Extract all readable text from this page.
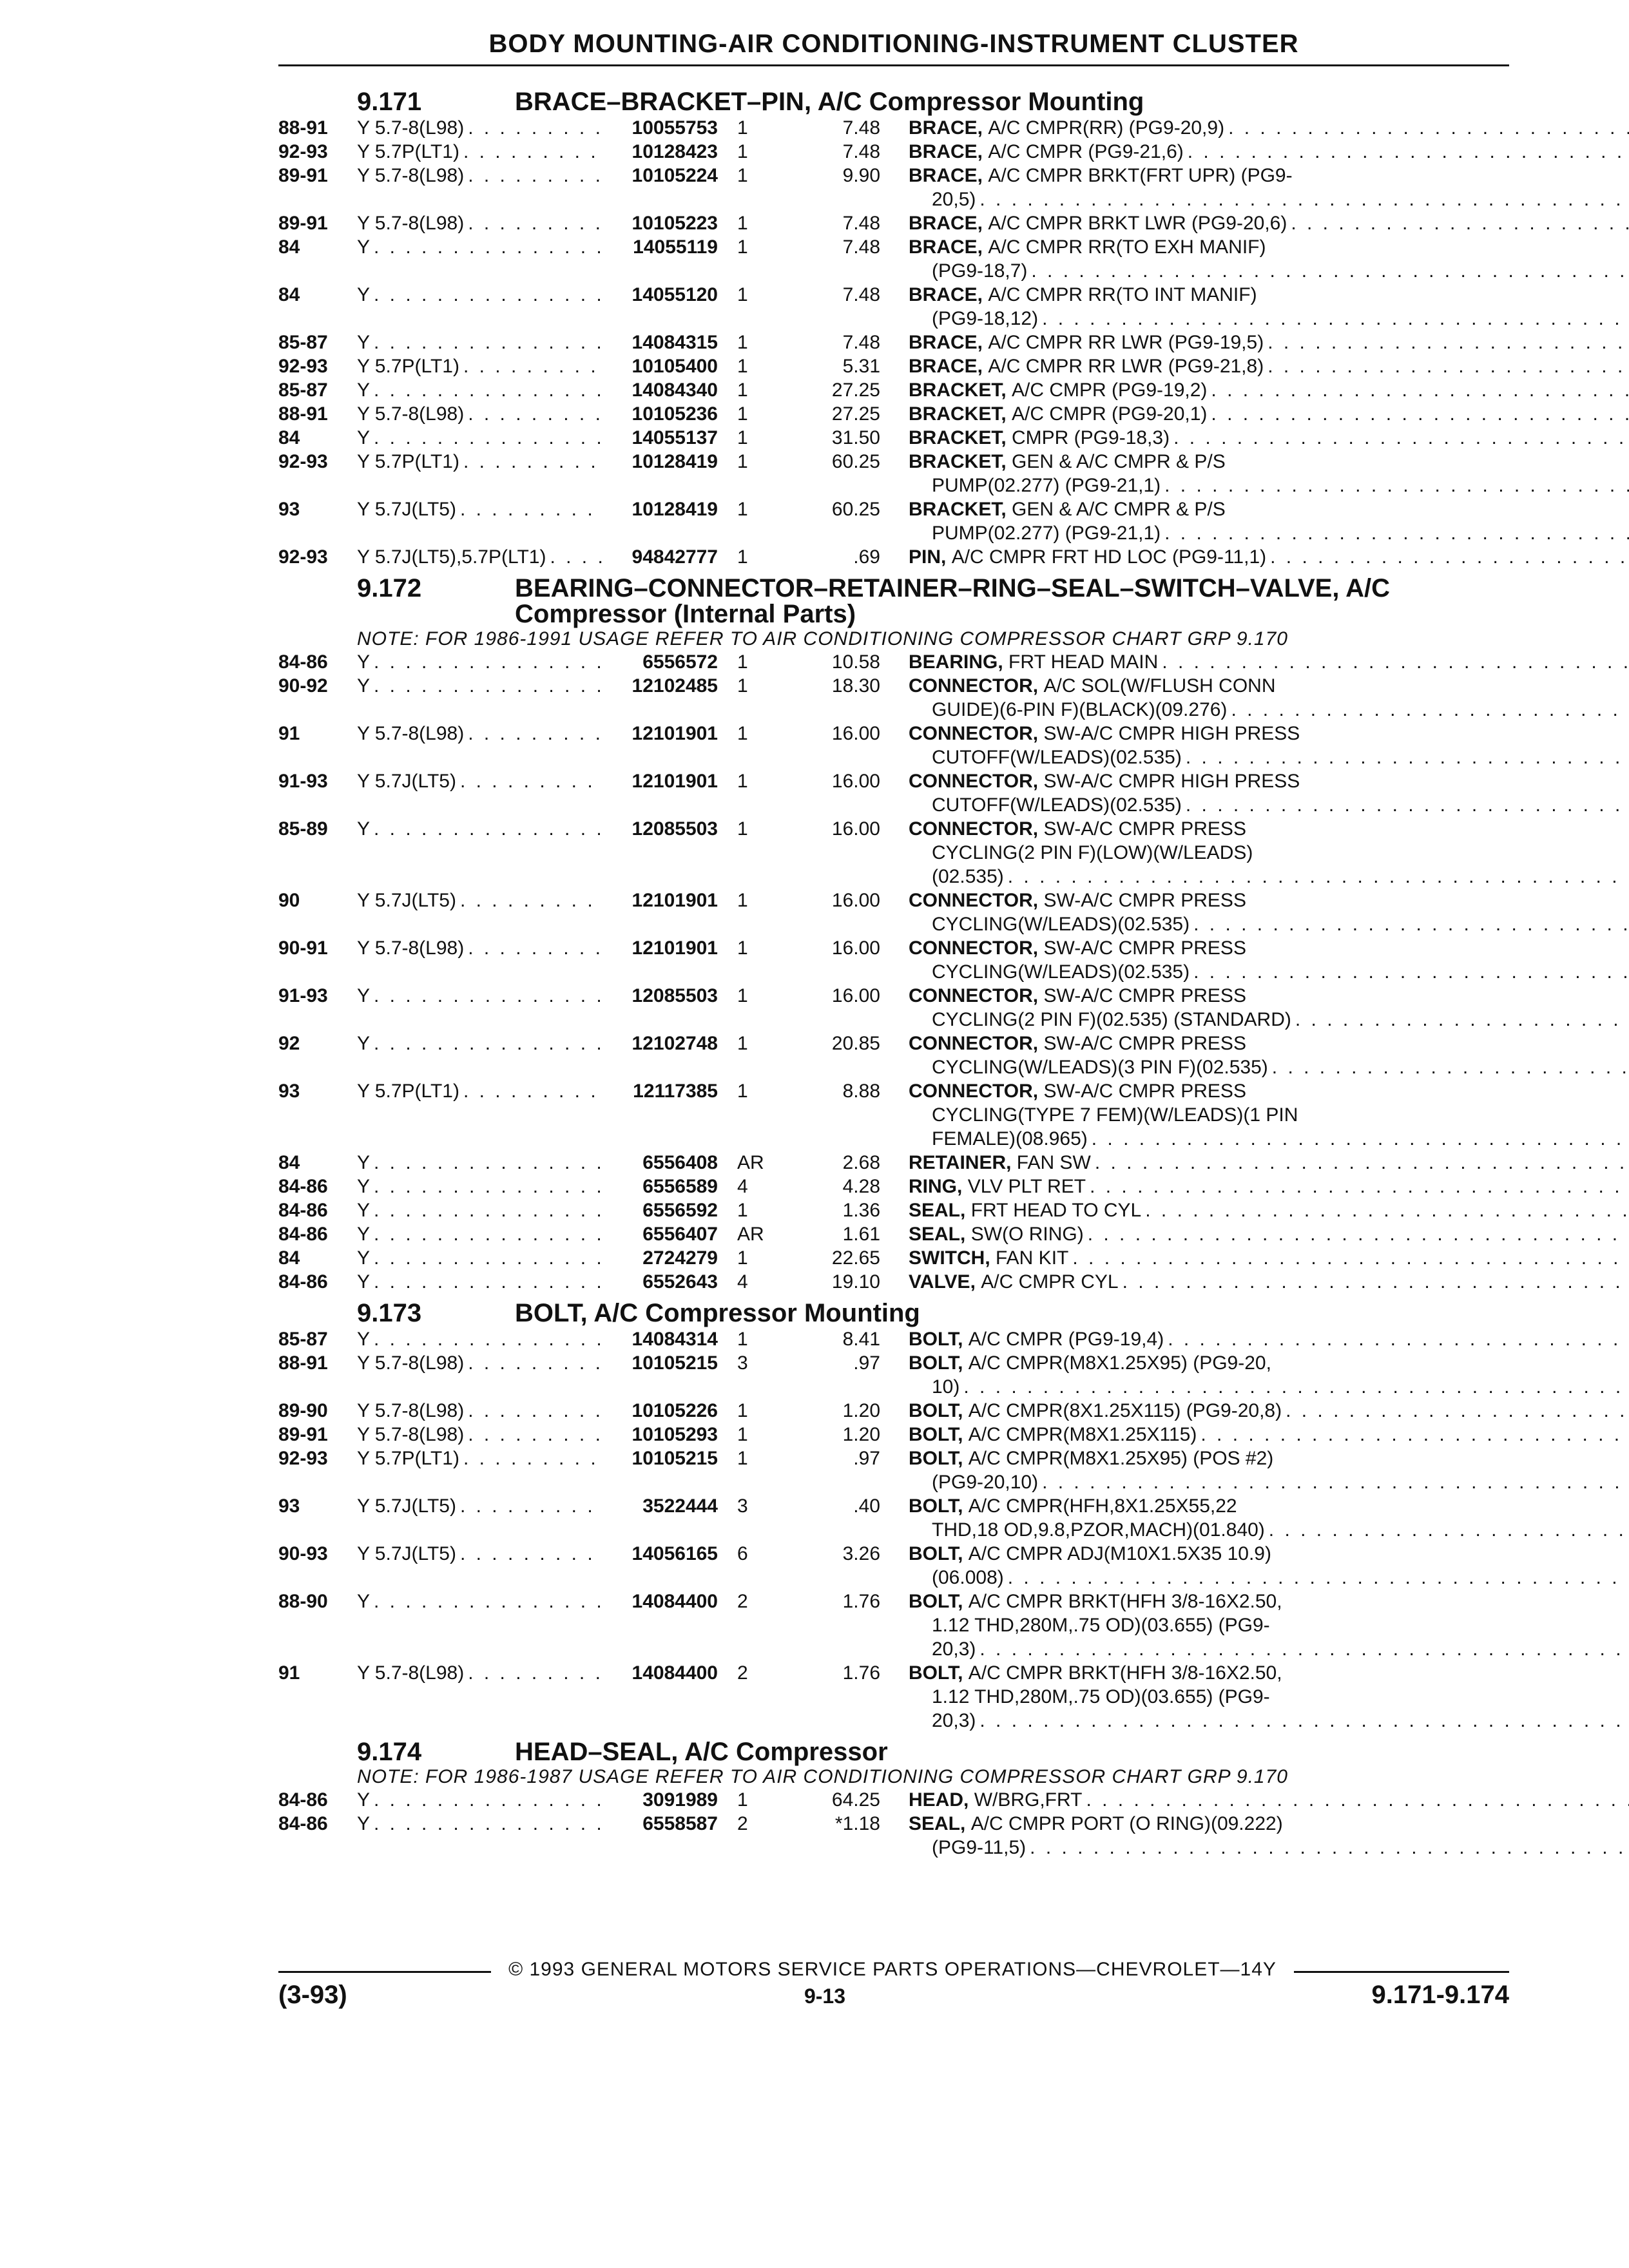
BODY MOUNTING-AIR CONDITIONING-INSTRUMENT CLUSTER
9.171	BRACE–BRACKET–PIN, A/C Compressor Mounting
88-91	Y 5.7-8(L98) . . .	10055753	1	7.48 BRACE,
A/C CMPR(RR) (PG9-20,9)
. . .
92-93	Y 5.7P(LT1) . . .	10128423	1	7.48 BRACE,
A/C CMPR (PG9-21,6)
. . .
89-91	Y 5.7-8(L98) . . .	10105224	1	9.90 BRACE,
A/C CMPR BRKT(FRT UPR) (PG9-
20,5)
. . .
89-91	Y 5.7-8(L98) . . .	10105223	1	7.48 BRACE,
A/C CMPR BRKT LWR (PG9-20,6)
. . .
84	Y . . .	14055119	1	7.48 BRACE,
A/C CMPR RR(TO EXH MANIF)
(PG9-18,7)
. . .
84	Y . . .	14055120	1	7.48 BRACE,
A/C CMPR RR(TO INT MANIF)
(PG9-18,12)
. . .
85-87	Y . . .	14084315	1	7.48 BRACE,
A/C CMPR RR LWR (PG9-19,5)
. . .
92-93	Y 5.7P(LT1) . . .	10105400	1	5.31 BRACE,
A/C CMPR RR LWR (PG9-21,8)
. . .
85-87	Y . . .	14084340	1	27.25 BRACKET,
A/C CMPR (PG9-19,2)
. . .
88-91	Y 5.7-8(L98) . . .	10105236	1	27.25 BRACKET,
A/C CMPR (PG9-20,1)
. . .
84	Y . . .	14055137	1	31.50 BRACKET,
CMPR (PG9-18,3)
. . .
92-93	Y 5.7P(LT1) . . .	10128419	1	60.25 BRACKET,
GEN & A/C CMPR & P/S
PUMP(02.277) (PG9-21,1)
. . .
93	Y 5.7J(LT5) . . .	10128419	1	60.25 BRACKET,
GEN & A/C CMPR & P/S
PUMP(02.277) (PG9-21,1)
. . .
92-93	Y 5.7J(LT5),5.7P(LT1) . . .	94842777	1	.69 PIN,
A/C CMPR FRT HD LOC (PG9-11,1)
. . .
9.172	BEARING–CONNECTOR–RETAINER–RING–SEAL–SWITCH–VALVE, A/C Compressor (Internal Parts)
NOTE: FOR 1986-1991 USAGE REFER TO AIR CONDITIONING COMPRESSOR CHART GRP 9.170
84-86	Y . . .	6556572	1	10.58 BEARING,
FRT HEAD MAIN
. . .
90-92	Y . . .	12102485	1	18.30 CONNECTOR,
A/C SOL(W/FLUSH CONN
GUIDE)(6-PIN F)(BLACK)(09.276)
. . .
91	Y 5.7-8(L98) . . .	12101901	1	16.00 CONNECTOR,
SW-A/C CMPR HIGH PRESS
CUTOFF(W/LEADS)(02.535)
. . .
91-93	Y 5.7J(LT5) . . .	12101901	1	16.00 CONNECTOR,
SW-A/C CMPR HIGH PRESS
CUTOFF(W/LEADS)(02.535)
. . .
85-89	Y . . .	12085503	1	16.00 CONNECTOR,
SW-A/C CMPR PRESS
CYCLING(2 PIN F)(LOW)(W/LEADS)
(02.535)
. . .
90	Y 5.7J(LT5) . . .	12101901	1	16.00 CONNECTOR,
SW-A/C CMPR PRESS
CYCLING(W/LEADS)(02.535)
. . .
90-91	Y 5.7-8(L98) . . .	12101901	1	16.00 CONNECTOR,
SW-A/C CMPR PRESS
CYCLING(W/LEADS)(02.535)
. . .
91-93	Y . . .	12085503	1	16.00 CONNECTOR,
SW-A/C CMPR PRESS
CYCLING(2 PIN F)(02.535) (STANDARD)
. . .
92	Y . . .	12102748	1	20.85 CONNECTOR,
SW-A/C CMPR PRESS
CYCLING(W/LEADS)(3 PIN F)(02.535)
. . .
93	Y 5.7P(LT1) . . .	12117385	1	8.88 CONNECTOR,
SW-A/C CMPR PRESS
CYCLING(TYPE 7 FEM)(W/LEADS)(1 PIN
FEMALE)(08.965)
. . .
84	Y . . .	6556408	AR	2.68 RETAINER,
FAN SW
. . .
84-86	Y . . .	6556589	4	4.28 RING,
VLV PLT RET
. . .
84-86	Y . . .	6556592	1	1.36 SEAL,
FRT HEAD TO CYL
. . .
84-86	Y . . .	6556407	AR	1.61 SEAL,
SW(O RING)
. . .
84	Y . . .	2724279	1	22.65 SWITCH,
FAN KIT
. . .
84-86	Y . . .	6552643	4	19.10 VALVE,
A/C CMPR CYL
. . .
9.173	BOLT, A/C Compressor Mounting
85-87	Y . . .	14084314	1	8.41 BOLT,
A/C CMPR (PG9-19,4)
. . .
88-91	Y 5.7-8(L98) . . .	10105215	3	.97 BOLT,
A/C CMPR(M8X1.25X95) (PG9-20,
10)
. . .
89-90	Y 5.7-8(L98) . . .	10105226	1	1.20 BOLT,
A/C CMPR(8X1.25X115) (PG9-20,8)
. . .
89-91	Y 5.7-8(L98) . . .	10105293	1	1.20 BOLT,
A/C CMPR(M8X1.25X115)
. . .
92-93	Y 5.7P(LT1) . . .	10105215	1	.97 BOLT,
A/C CMPR(M8X1.25X95) (POS #2)
(PG9-20,10)
. . .
93	Y 5.7J(LT5) . . .	3522444	3	.40 BOLT,
A/C CMPR(HFH,8X1.25X55,22
THD,18 OD,9.8,PZOR,MACH)(01.840)
. . .
90-93	Y 5.7J(LT5) . . .	14056165	6	3.26 BOLT,
A/C CMPR ADJ(M10X1.5X35 10.9)
(06.008)
. . .
88-90	Y . . .	14084400	2	1.76 BOLT,
A/C CMPR BRKT(HFH 3/8-16X2.50,
1.12 THD,280M,.75 OD)(03.655) (PG9-
20,3)
. . .
91	Y 5.7-8(L98) . . .	14084400	2	1.76 BOLT,
A/C CMPR BRKT(HFH 3/8-16X2.50,
1.12 THD,280M,.75 OD)(03.655) (PG9-
20,3)
. . .
9.174	HEAD–SEAL, A/C Compressor
NOTE: FOR 1986-1987 USAGE REFER TO AIR CONDITIONING COMPRESSOR CHART GRP 9.170
84-86	Y . . .	3091989	1	64.25 HEAD,
W/BRG,FRT
. . .
84-86	Y . . .	6558587	2	*1.18 SEAL,
A/C CMPR PORT (O RING)(09.222)
(PG9-11,5)
. . .
© 1993 GENERAL MOTORS SERVICE PARTS OPERATIONS—CHEVROLET—14Y
(3-93)	9-13	9.171-9.174
